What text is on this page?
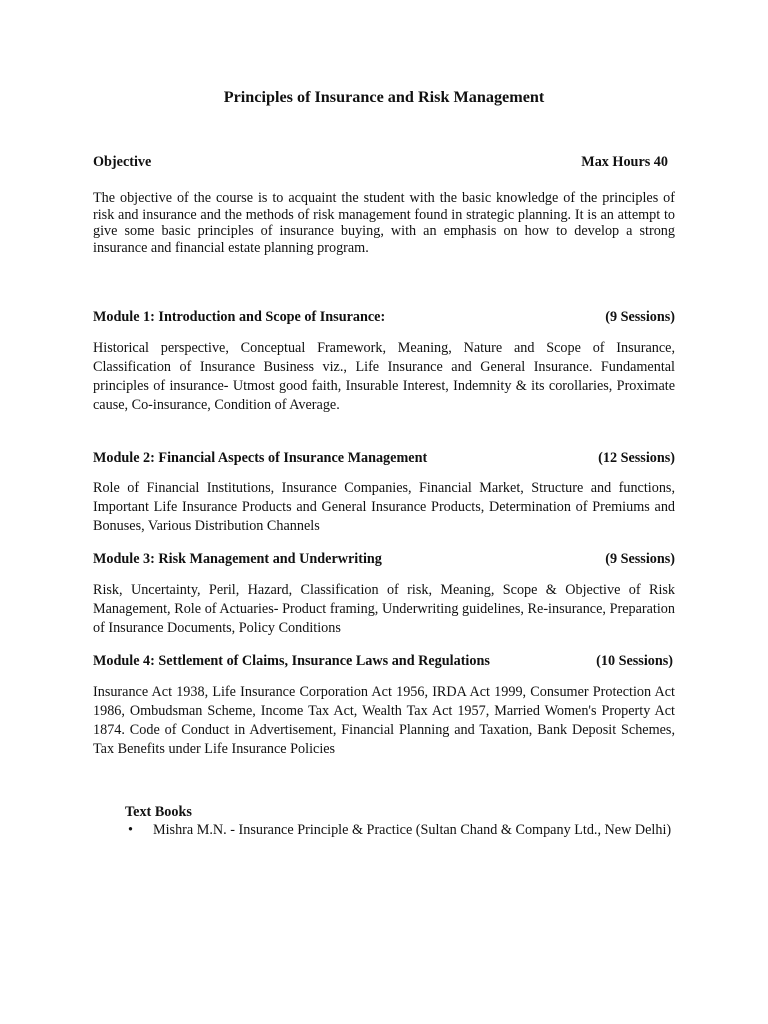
Principles of Insurance and Risk Management
Objective	Max Hours 40
The objective of the course is to acquaint the student with the basic knowledge of the principles of risk and insurance and the methods of risk management found in strategic planning. It is an attempt to give some basic principles of insurance buying, with an emphasis on how to develop a strong insurance and financial estate planning program.
Module 1: Introduction and Scope of Insurance:	(9 Sessions)
Historical perspective, Conceptual Framework, Meaning, Nature and Scope of Insurance, Classification of Insurance Business viz., Life Insurance and General Insurance. Fundamental principles of insurance- Utmost good faith, Insurable Interest, Indemnity & its corollaries, Proximate cause, Co-insurance, Condition of Average.
Module 2: Financial Aspects of Insurance Management	(12 Sessions)
Role of Financial Institutions, Insurance Companies, Financial Market, Structure and functions, Important Life Insurance Products and General Insurance Products, Determination of Premiums and Bonuses, Various Distribution Channels
Module 3: Risk Management and Underwriting	(9 Sessions)
Risk, Uncertainty, Peril, Hazard, Classification of risk, Meaning, Scope & Objective of Risk Management, Role of Actuaries- Product framing, Underwriting guidelines, Re-insurance, Preparation of Insurance Documents, Policy Conditions
Module 4: Settlement of Claims, Insurance Laws and Regulations	(10 Sessions)
Insurance Act 1938, Life Insurance Corporation Act 1956, IRDA Act 1999, Consumer Protection Act 1986, Ombudsman Scheme, Income Tax Act, Wealth Tax Act 1957, Married Women's Property Act 1874. Code of Conduct in Advertisement, Financial Planning and Taxation, Bank Deposit Schemes, Tax Benefits under Life Insurance Policies
Text Books
• Mishra M.N. - Insurance Principle & Practice (Sultan Chand & Company Ltd., New Delhi)
